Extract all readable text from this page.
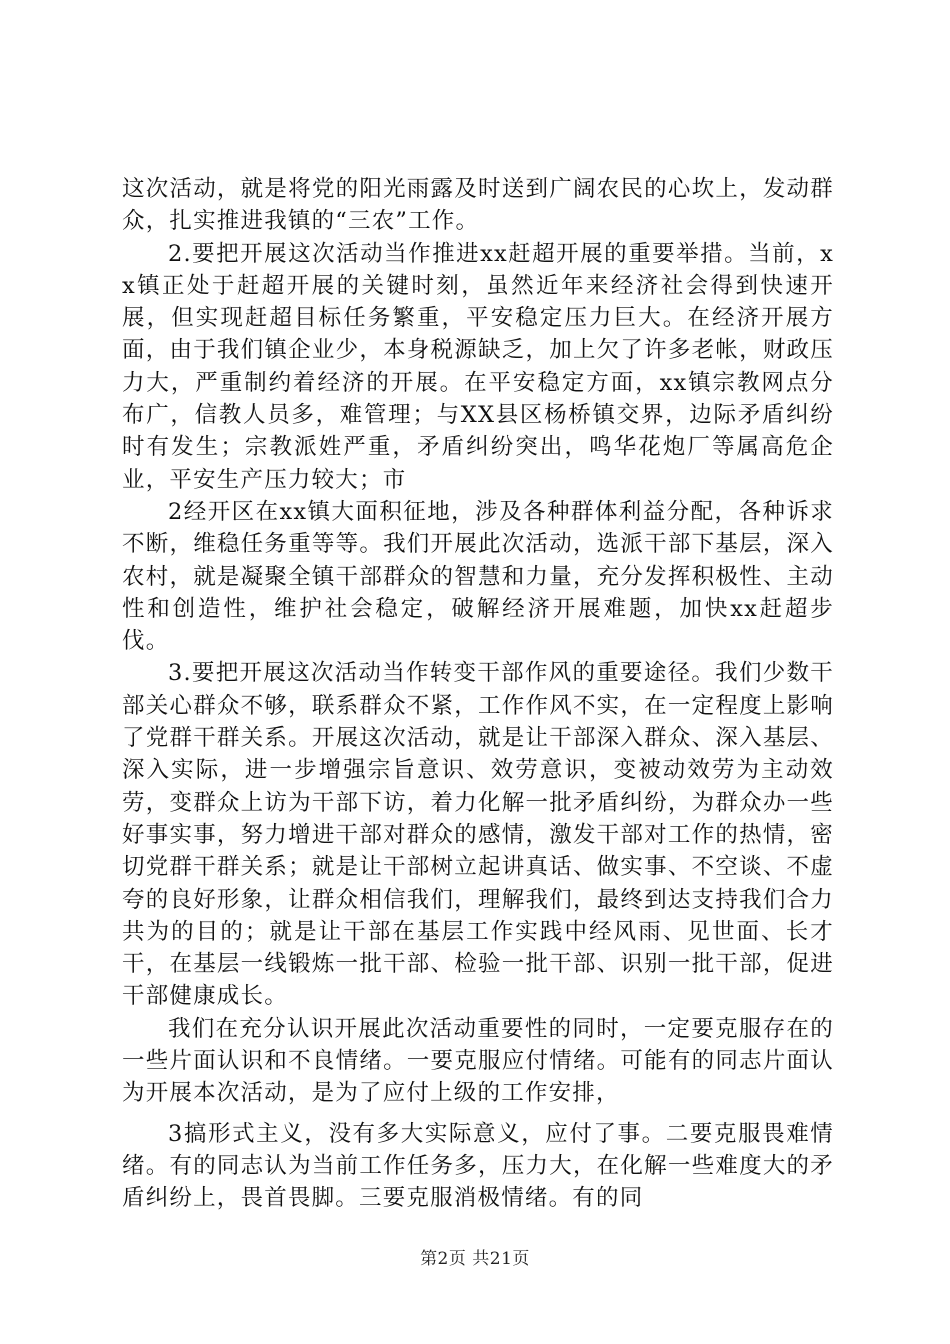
这次活动，就是将党的阳光雨露及时送到广阔农民的心坎上，发动群众，扎实推进我镇的“三农”工作。

2.要把开展这次活动当作推进xx赶超开展的重要举措。当前，xx镇正处于赶超开展的关键时刻，虽然近年来经济社会得到快速开展，但实现赶超目标任务繁重，平安稳定压力巨大。在经济开展方面，由于我们镇企业少，本身税源缺乏，加上欠了许多老帐，财政压力大，严重制约着经济的开展。在平安稳定方面，xx镇宗教网点分布广，信教人员多，难管理；与XX县区杨桥镇交界，边际矛盾纠纷时有发生；宗教派姓严重，矛盾纠纷突出，鸣华花炮厂等属高危企业，平安生产压力较大；市

2经开区在xx镇大面积征地，涉及各种群体利益分配，各种诉求不断，维稳任务重等等。我们开展此次活动，选派干部下基层，深入农村，就是凝聚全镇干部群众的智慧和力量，充分发挥积极性、主动性和创造性，维护社会稳定，破解经济开展难题，加快xx赶超步伐。

3.要把开展这次活动当作转变干部作风的重要途径。我们少数干部关心群众不够，联系群众不紧，工作作风不实，在一定程度上影响了党群干群关系。开展这次活动，就是让干部深入群众、深入基层、深入实际，进一步增强宗旨意识、效劳意识，变被动效劳为主动效劳，变群众上访为干部下访，着力化解一批矛盾纠纷，为群众办一些好事实事，努力增进干部对群众的感情，激发干部对工作的热情，密切党群干群关系；就是让干部树立起讲真话、做实事、不空谈、不虚夸的良好形象，让群众相信我们，理解我们，最终到达支持我们合力共为的目的；就是让干部在基层工作实践中经风雨、见世面、长才干，在基层一线锻炼一批干部、检验一批干部、识别一批干部，促进干部健康成长。

我们在充分认识开展此次活动重要性的同时，一定要克服存在的一些片面认识和不良情绪。一要克服应付情绪。可能有的同志片面认为开展本次活动，是为了应付上级的工作安排，

3搞形式主义，没有多大实际意义，应付了事。二要克服畏难情绪。有的同志认为当前工作任务多，压力大，在化解一些难度大的矛盾纠纷上，畏首畏脚。三要克服消极情绪。有的同

第2页 共21页
